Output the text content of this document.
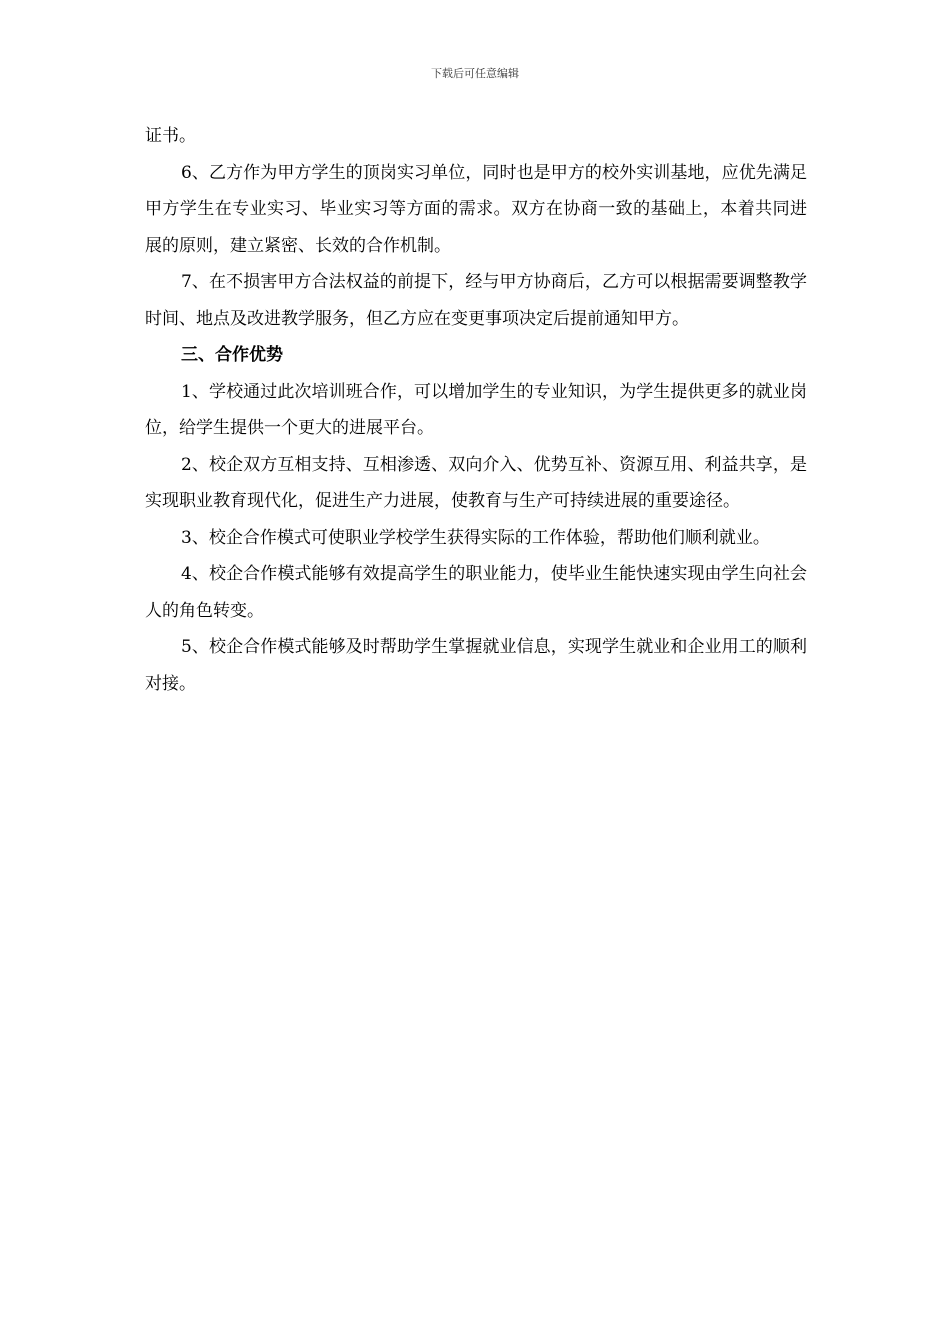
下载后可任意编辑

证书。

6、乙方作为甲方学生的顶岗实习单位，同时也是甲方的校外实训基地，应优先满足甲方学生在专业实习、毕业实习等方面的需求。双方在协商一致的基础上，本着共同进展的原则，建立紧密、长效的合作机制。

7、在不损害甲方合法权益的前提下，经与甲方协商后，乙方可以根据需要调整教学时间、地点及改进教学服务，但乙方应在变更事项决定后提前通知甲方。

三、合作优势

1、学校通过此次培训班合作，可以增加学生的专业知识，为学生提供更多的就业岗位，给学生提供一个更大的进展平台。

2、校企双方互相支持、互相渗透、双向介入、优势互补、资源互用、利益共享，是实现职业教育现代化，促进生产力进展，使教育与生产可持续进展的重要途径。

3、校企合作模式可使职业学校学生获得实际的工作体验，帮助他们顺利就业。

4、校企合作模式能够有效提高学生的职业能力，使毕业生能快速实现由学生向社会人的角色转变。

5、校企合作模式能够及时帮助学生掌握就业信息，实现学生就业和企业用工的顺利对接。
